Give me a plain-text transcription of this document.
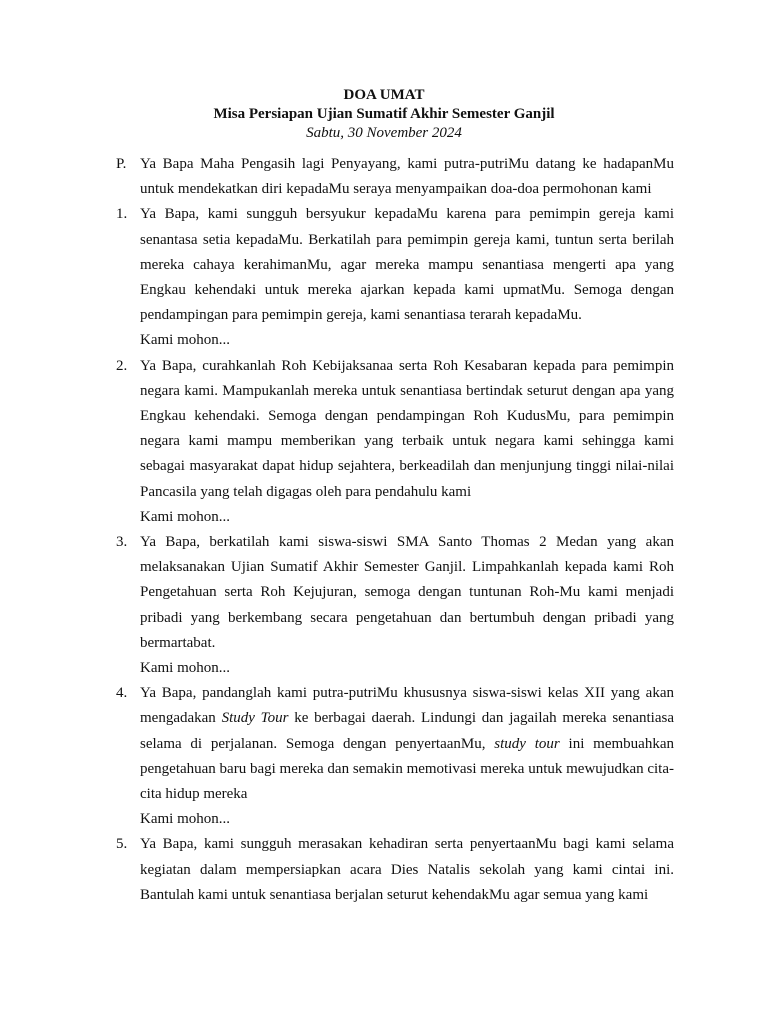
DOA UMAT

Misa Persiapan Ujian Sumatif Akhir Semester Ganjil

Sabtu, 30 November 2024

P. Ya Bapa Maha Pengasih lagi Penyayang, kami putra-putriMu datang ke hadapanMu untuk mendekatkan diri kepadaMu seraya menyampaikan doa-doa permohonan kami

1. Ya Bapa, kami sungguh bersyukur kepadaMu karena para pemimpin gereja kami senantasa setia kepadaMu. Berkatilah para pemimpin gereja kami, tuntun serta berilah mereka cahaya kerahimanMu, agar mereka mampu senantiasa mengerti apa yang Engkau kehendaki untuk mereka ajarkan kepada kami upmatMu. Semoga dengan pendampingan para pemimpin gereja, kami senantiasa terarah kepadaMu.

Kami mohon...

2. Ya Bapa, curahkanlah Roh Kebijaksanaa serta Roh Kesabaran kepada para pemimpin negara kami. Mampukanlah mereka untuk senantiasa bertindak seturut dengan apa yang Engkau kehendaki. Semoga dengan pendampingan Roh KudusMu, para pemimpin negara kami mampu memberikan yang terbaik untuk negara kami sehingga kami sebagai masyarakat dapat hidup sejahtera, berkeadilah dan menjunjung tinggi nilai-nilai Pancasila yang telah digagas oleh para pendahulu kami

Kami mohon...

3. Ya Bapa, berkatilah kami siswa-siswi SMA Santo Thomas 2 Medan yang akan melaksanakan Ujian Sumatif Akhir Semester Ganjil. Limpahkanlah kepada kami Roh Pengetahuan serta Roh Kejujuran, semoga dengan tuntunan Roh-Mu kami menjadi pribadi yang berkembang secara pengetahuan dan bertumbuh dengan pribadi yang bermartabat.

Kami mohon...

4. Ya Bapa, pandanglah kami putra-putriMu khususnya siswa-siswi kelas XII yang akan mengadakan Study Tour ke berbagai daerah. Lindungi dan jagailah mereka senantiasa selama di perjalanan. Semoga dengan penyertaanMu, study tour ini membuahkan pengetahuan baru bagi mereka dan semakin memotivasi mereka untuk mewujudkan cita-cita hidup mereka

Kami mohon...

5. Ya Bapa, kami sungguh merasakan kehadiran serta penyertaanMu bagi kami selama kegiatan dalam mempersiapkan acara Dies Natalis sekolah yang kami cintai ini. Bantulah kami untuk senantiasa berjalan seturut kehendakMu agar semua yang kami
